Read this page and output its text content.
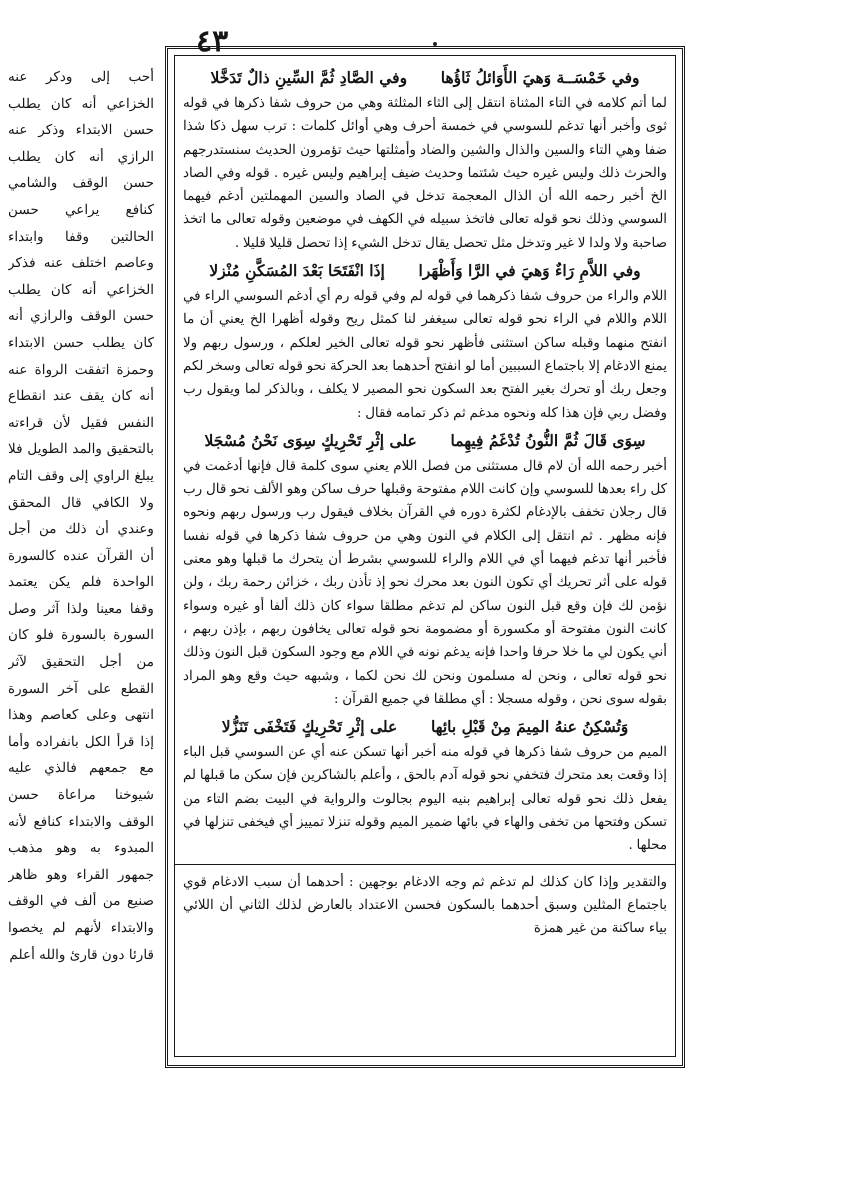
٤٣
وفي خَمْسَــة وَهيَ الأَوَائلُ ثَاؤُها وفي الصَّادِ ثُمَّ السِّينِ ذالٌ تَدَخَّلا

لما أتم كلامه في التاء المثناة انتقل إلى الثاء المثلثة وهي من حروف شفا ذكرها في قوله ثوى وأخبر أنها تدغم للسوسي في خمسة أحرف وهي أوائل كلمات : ترب سهل ذكا شذا ضفا وهي التاء والسين والذال والشين والضاد وأمثلتها حيث تؤمرون الحديث سنستدرجهم والحرث ذلك وليس غيره حيث شئتما وحديث ضيف إبراهيم وليس غيره . قوله وفي الصاد الخ أخبر رحمه الله أن الذال المعجمة تدخل في الصاد والسين المهملتين أدغم فيهما السوسي وذلك نحو قوله تعالى فاتخذ سبيله في الكهف في موضعين وقوله تعالى ما اتخذ صاحبة ولا ولدا لا غير وتدخل مثل تحصل يقال تدخل الشيء إذا تحصل قليلا قليلا .

وفي اللاَّمِ رَاءٌ وَهيَ في الرَّا وَأَظْهَرا إذَا انْفَتَحَا بَعْدَ المُسَكَّنِ مُنْزلا

اللام والراء من حروف شفا ذكرهما في قوله لم وفي قوله رم أي أدغم السوسي الراء في اللام واللام في الراء نحو قوله تعالى سيغفر لنا كمثل ريح وقوله أظهرا الخ يعني أن ما انفتح منهما وقبله ساكن استثنى فأظهر نحو قوله تعالى الخير لعلكم ، ورسول ربهم ولا يمنع الادغام إلا باجتماع السببين أما لو انفتح أحدهما بعد الحركة نحو قوله تعالى وسخر لكم وجعل ربك أو تحرك بغير الفتح بعد السكون نحو المصير لا يكلف ، وبالذكر لما ويقول رب وفضل ربي فإن هذا كله ونحوه مدغم ثم ذكر تمامه فقال :

سِوَى قَالَ ثُمَّ النُّونُ تُدْغَمُ فِيهِما على إثْرِ تَحْرِيكٍ سِوَى نَحْنُ مُسْجَلا

أخبر رحمه الله أن لام قال مستثنى من فصل اللام يعني سوى كلمة قال فإنها أدغمت في كل راء بعدها للسوسي وإن كانت اللام مفتوحة وقبلها حرف ساكن وهو الألف نحو قال رب قال رجلان تخفف بالإدغام لكثرة دوره في القرآن بخلاف فيقول رب ورسول ربهم ونحوه فإنه مظهر . ثم انتقل إلى الكلام في النون وهي من حروف شفا ذكرها في قوله نفسا فأخبر أنها تدغم فيهما أي في اللام والراء للسوسي بشرط أن يتحرك ما قبلها وهو معنى قوله على أثر تحريك أي تكون النون بعد محرك نحو إذ تأذن ربك ، خزائن رحمة ربك ، ولن نؤمن لك فإن وقع قبل النون ساكن لم تدغم مطلقا سواء كان ذلك ألفا أو غيره وسواء كانت النون مفتوحة أو مكسورة أو مضمومة نحو قوله تعالى يخافون ربهم ، بإذن ربهم ، أني يكون لي ما خلا حرفا واحدا فإنه يدغم نونه في اللام مع وجود السكون قبل النون وذلك نحو قوله تعالى ، ونحن له مسلمون ونحن لك نحن لكما ، وشبهه حيث وقع وهو المراد بقوله سوى نحن ، وقوله مسجلا : أي مطلقا في جميع القرآن :

وَتُسْكِنُ عنهُ المِيمَ مِنْ قَبْلِ بائِها على إثْرِ تَحْرِيكٍ فَتَخْفَى تَنَزُّلا

الميم من حروف شفا ذكرها في قوله منه أخبر أنها تسكن عنه أي عن السوسي قبل الباء إذا وقعت بعد متحرك فتخفي نحو قوله آدم بالحق ، وأعلم بالشاكرين فإن سكن ما قبلها لم يفعل ذلك نحو قوله تعالى إبراهيم بنيه اليوم بجالوت والرواية في البيت بضم التاء من تسكن وفتحها من تخفى والهاء في بائها ضمير الميم وقوله تنزلا تمييز أي فيخفى تنزلها في محلها .

والتقدير وإذا كان كذلك لم تدغم ثم وجه الادغام بوجهين : أحدهما أن سبب الادغام قوي باجتماع المثلين وسبق أحدهما بالسكون فحسن الاعتداد بالعارض لذلك الثاني أن اللائي بياء ساكنة من غير همزة

أحب إلى ودكر عنه الخزاعي أنه كان يطلب حسن الابتداء وذكر عنه الرازي أنه كان يطلب حسن الوقف والشامي كنافع يراعي حسن الحالتين وقفا وابتداء وعاصم اختلف عنه فذكر الخزاعي أنه كان يطلب حسن الوقف والرازي أنه كان يطلب حسن الابتداء وحمزة اتفقت الرواة عنه أنه كان يقف عند انقطاع النفس فقيل لأن قراءته بالتحقيق والمد الطويل فلا يبلغ الراوي إلى وقف التام ولا الكافي قال المحقق وعندي أن ذلك من أجل أن القرآن عنده كالسورة الواحدة فلم يكن يعتمد وقفا معينا ولذا آثر وصل السورة بالسورة فلو كان من أجل التحقيق لآثر القطع على آخر السورة انتهى وعلى كعاصم وهذا إذا قرأ الكل بانفراده وأما مع جمعهم فالذي عليه شيوخنا مراعاة حسن الوقف والابتداء كنافع لأنه المبدوء به وهو مذهب جمهور القراء وهو ظاهر صنيع من ألف في الوقف والابتداء لأنهم لم يخصوا قارئا دون قارئ والله أعلم
